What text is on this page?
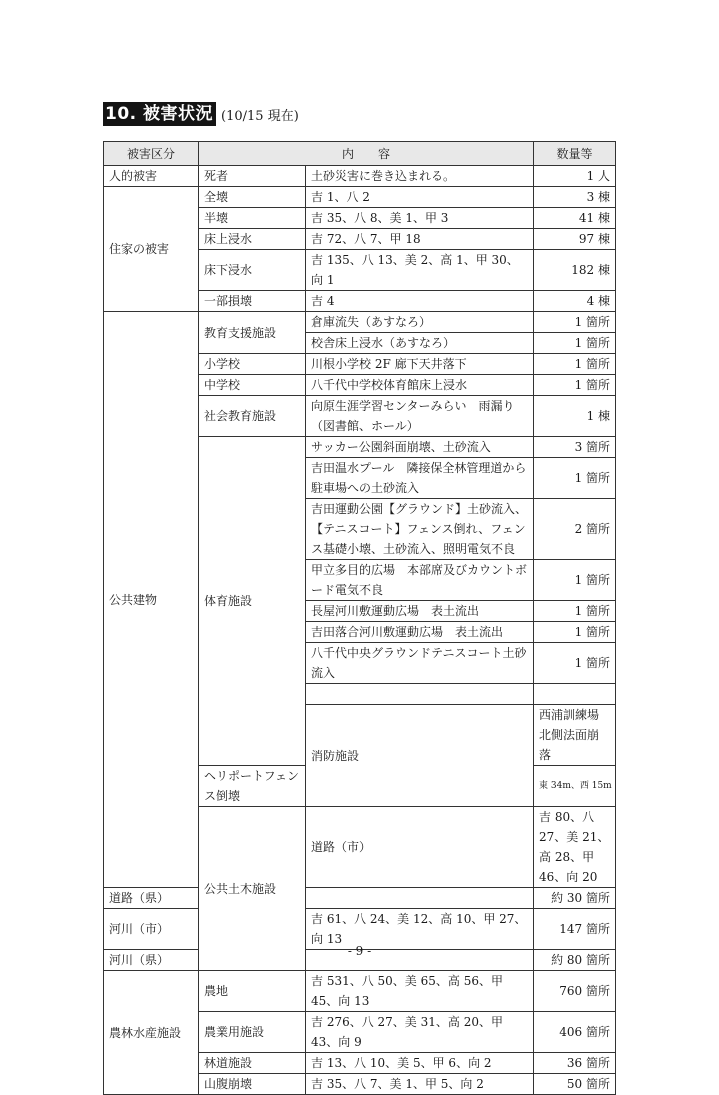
10. 被害状況 (10/15 現在)
被害区分	内　　容		数量等	
人的被害	死者	土砂災害に巻き込まれる。	1 人	
住家の被害	全壊	吉 1、八 2	3 棟	
	半壊	吉 35、八 8、美 1、甲 3	41 棟	
	床上浸水	吉 72、八 7、甲 18	97 棟	
	床下浸水	吉 135、八 13、美 2、高 1、甲 30、向 1	182 棟	
	一部損壊	吉 4	4 棟	
公共建物	教育支援施設	倉庫流失（あすなろ）	1 箇所	
		校舎床上浸水（あすなろ）	1 箇所	
	小学校	川根小学校 2F 廊下天井落下	1 箇所	
	中学校	八千代中学校体育館床上浸水	1 箇所	
	社会教育施設	向原生涯学習センターみらい　雨漏り（図書館、ホール）	1 棟	
	体育施設	サッカー公園斜面崩壊、土砂流入	3 箇所	
		吉田温水プール　隣接保全林管理道から駐車場への土砂流入	1 箇所	
		吉田運動公園【グラウンド】土砂流入、【テニスコート】フェンス倒れ、フェンス基礎小壊、土砂流入、照明電気不良	2 箇所	
		甲立多目的広場　本部席及びカウントボード電気不良	1 箇所	
		長屋河川敷運動広場　表土流出	1 箇所	
		吉田落合河川敷運動広場　表土流出	1 箇所	
		八千代中央グラウンドテニスコート土砂流入	1 箇所	

		消防施設	西浦訓練場北側法面崩落	
	ヘリポートフェンス倒壊		東 34m、西 15m	
	公共土木施設	道路（市）	吉 80、八 27、美 21、高 28、甲 46、向 20	
道路（県）			約 30 箇所	
河川（市）		吉 61、八 24、美 12、高 10、甲 27、向 13	147 箇所	
河川（県）			約 80 箇所	
農林水産施設	農地	吉 531、八 50、美 65、高 56、甲 45、向 13	760 箇所	
	農業用施設	吉 276、八 27、美 31、高 20、甲 43、向 9	406 箇所	
	林道施設	吉 13、八 10、美 5、甲 6、向 2	36 箇所	
	山腹崩壊	吉 35、八 7、美 1、甲 5、向 2	50 箇所	
- 9 -
